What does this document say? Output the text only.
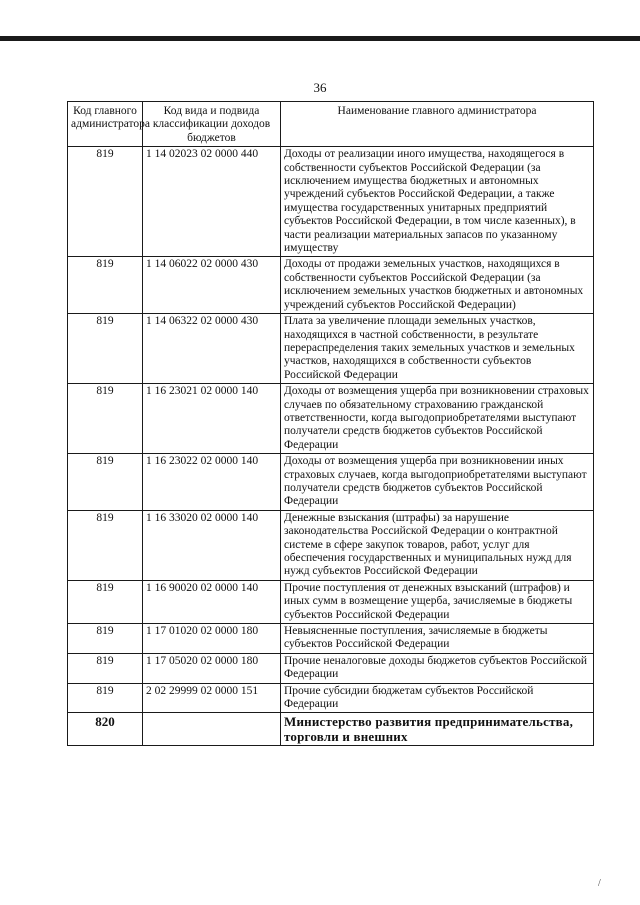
36
Код главного администратора	Код вида и подвида классификации доходов бюджетов	Наименование главного администратора
819	1 14 02023 02 0000 440	Доходы от реализации иного имущества, находящегося в собственности субъектов Российской Федерации (за исключением имущества бюджетных и автономных учреждений субъектов Российской Федерации, а также имущества государственных унитарных предприятий субъектов Российской Федерации, в том числе казенных), в части реализации материальных запасов по указанному имуществу
819	1 14 06022 02 0000 430	Доходы от продажи земельных участков, находящихся в собственности субъектов Российской Федерации (за исключением земельных участков бюджетных и автономных учреждений субъектов Российской Федерации)
819	1 14 06322 02 0000 430	Плата за увеличение площади земельных участков, находящихся в частной собственности, в результате перераспределения таких земельных участков и земельных участков, находящихся в собственности субъектов Российской Федерации
819	1 16 23021 02 0000 140	Доходы от возмещения ущерба при возникновении страховых случаев по обязательному страхованию гражданской ответственности, когда выгодоприобретателями выступают получатели средств бюджетов субъектов Российской Федерации
819	1 16 23022 02 0000 140	Доходы от возмещения ущерба при возникновении иных страховых случаев, когда выгодоприобретателями выступают получатели средств бюджетов субъектов Российской Федерации
819	1 16 33020 02 0000 140	Денежные взыскания (штрафы) за нарушение законодательства Российской Федерации о контрактной системе в сфере закупок товаров, работ, услуг для обеспечения государственных и муниципальных нужд для нужд субъектов Российской Федерации
819	1 16 90020 02 0000 140	Прочие поступления от денежных взысканий (штрафов) и иных сумм в возмещение ущерба, зачисляемые в бюджеты субъектов Российской Федерации
819	1 17 01020 02 0000 180	Невыясненные поступления, зачисляемые в бюджеты субъектов Российской Федерации
819	1 17 05020 02 0000 180	Прочие неналоговые доходы бюджетов субъектов Российской Федерации
819	2 02 29999 02 0000 151	Прочие субсидии бюджетам субъектов Российской Федерации
820		Министерство развития предпринимательства, торговли и внешних
/
